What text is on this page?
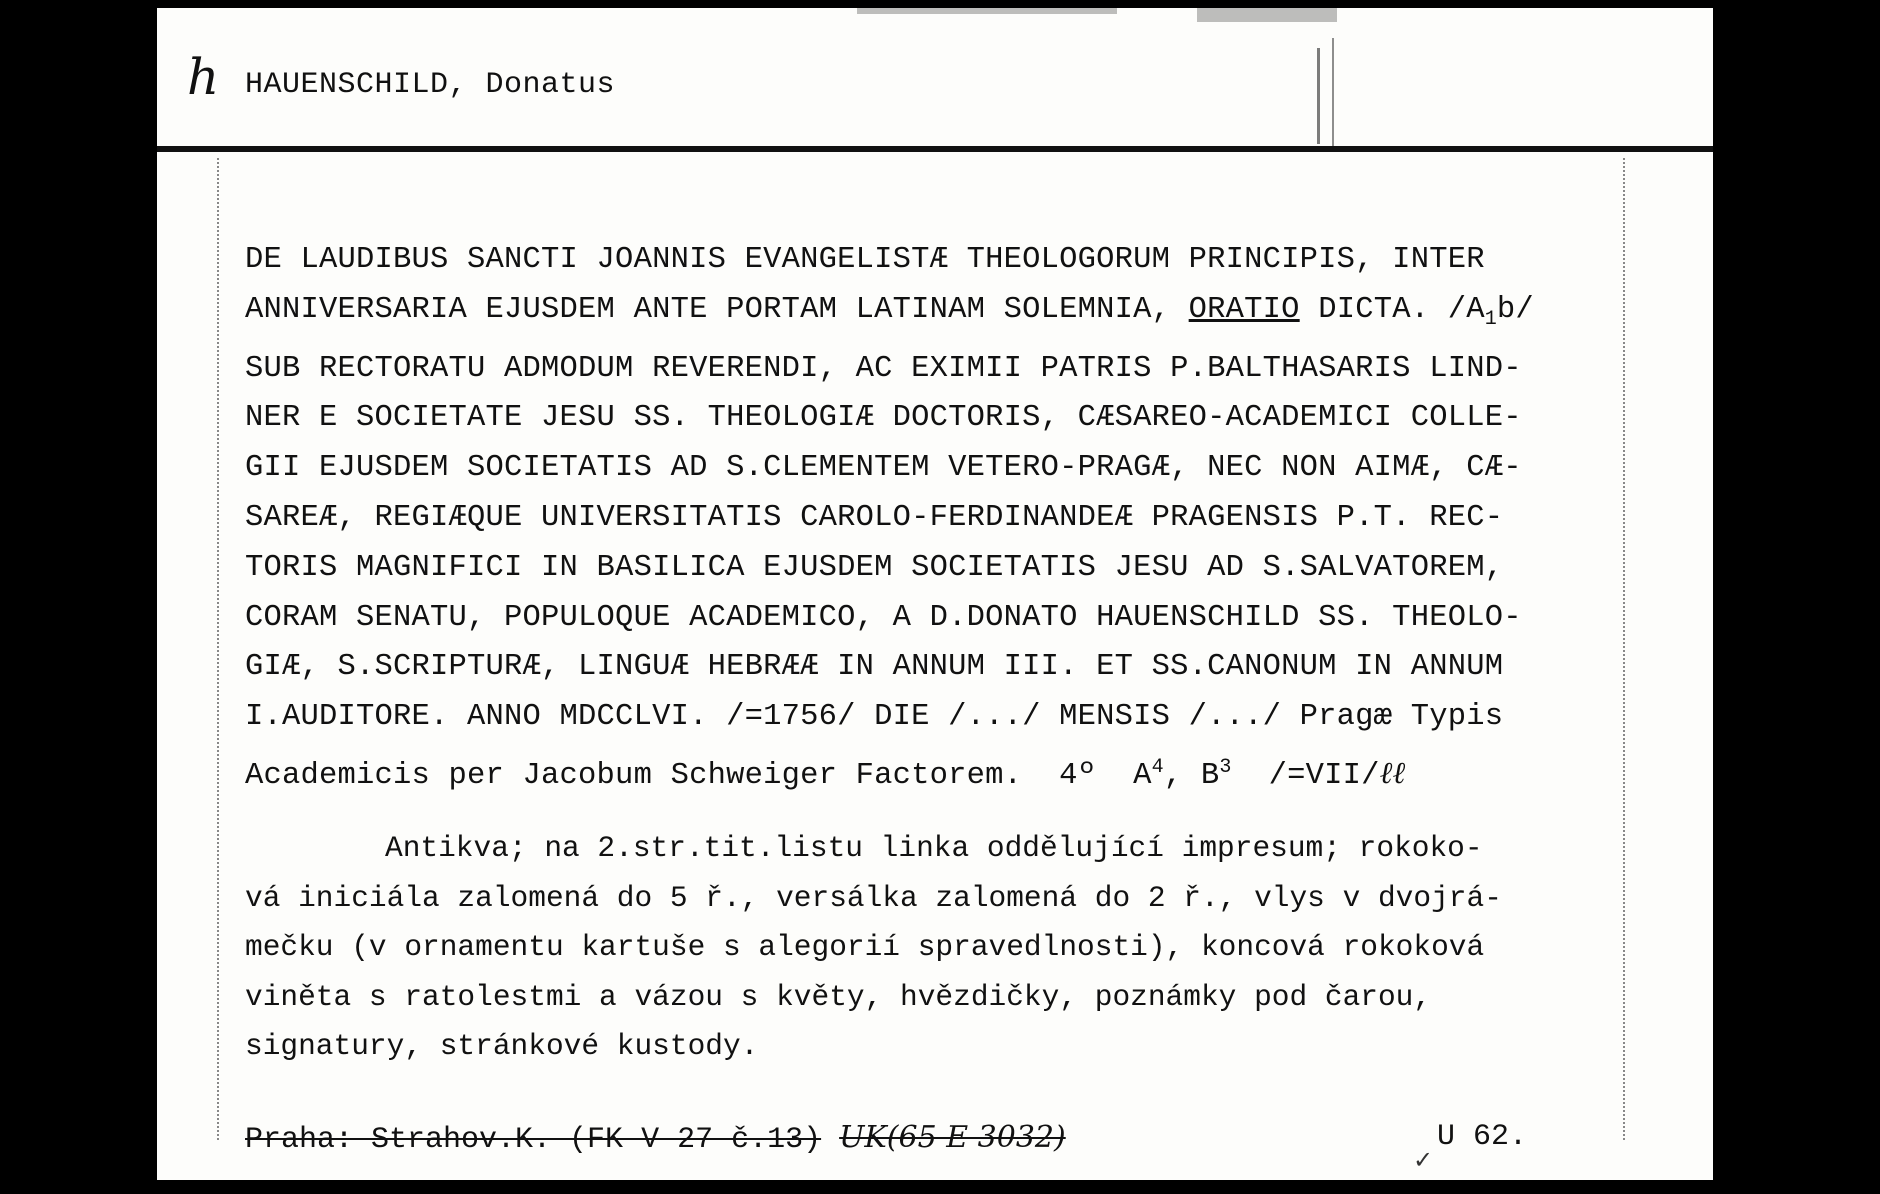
h HAUENSCHILD, Donatus
DE LAUDIBUS SANCTI JOANNIS EVANGELISTÆ THEOLOGORUM PRINCIPIS, INTER
ANNIVERSARIA EJUSDEM ANTE PORTAM LATINAM SOLEMNIA, ORATIO DICTA. $/A_1b/$
SUB RECTORATU ADMODUM REVERENDI, AC EXIMII PATRIS P.BALTHASARIS LIND-
NER E SOCIETATE JESU SS. THEOLOGIÆ DOCTORIS, CÆSAREO-ACADEMICI COLLE-
GII EJUSDEM SOCIETATIS AD S.CLEMENTEM VETERO-PRAGÆ, NEC NON AIMÆ, CÆ-
SAREÆ, REGIÆQUE UNIVERSITATIS CAROLO-FERDINANDEÆ PRAGENSIS P.T. REC-
TORIS MAGNIFICI IN BASILICA EJUSDEM SOCIETATIS JESU AD S.SALVATOREM,
CORAM SENATU, POPULOQUE ACADEMICO, A D.DONATO HAUENSCHILD SS. THEOLO-
GIÆ, S.SCRIPTURÆ, LINGUÆ HEBRÆÆ IN ANNUM III. ET SS.CANONUM IN ANNUM
I.AUDITORE. ANNO MDCCLVI. /=1756/ DIE /.../ MENSIS /.../ Pragæ Typis
Academicis per Jacobum Schweiger Factorem.  4º  $A^4$, $B^3$  /=VII/ℓℓ
Antikva; na 2.str.tit.listu linka oddělující impresum; rokoko-
vá iniciála zalomená do 5 ř., versálka zalomená do 2 ř., vlys v dvojrá-
mečku (v ornamentu kartuše s alegorií spravedlnosti), koncová rokoková
viněta s ratolestmi a vázou s květy, hvězdičky, poznámky pod čarou,
signatury, stránkové kustody.
Praha: Strahov.K. (FK V 27 č.13) UK(65 E 3032)
✓
U 62.
